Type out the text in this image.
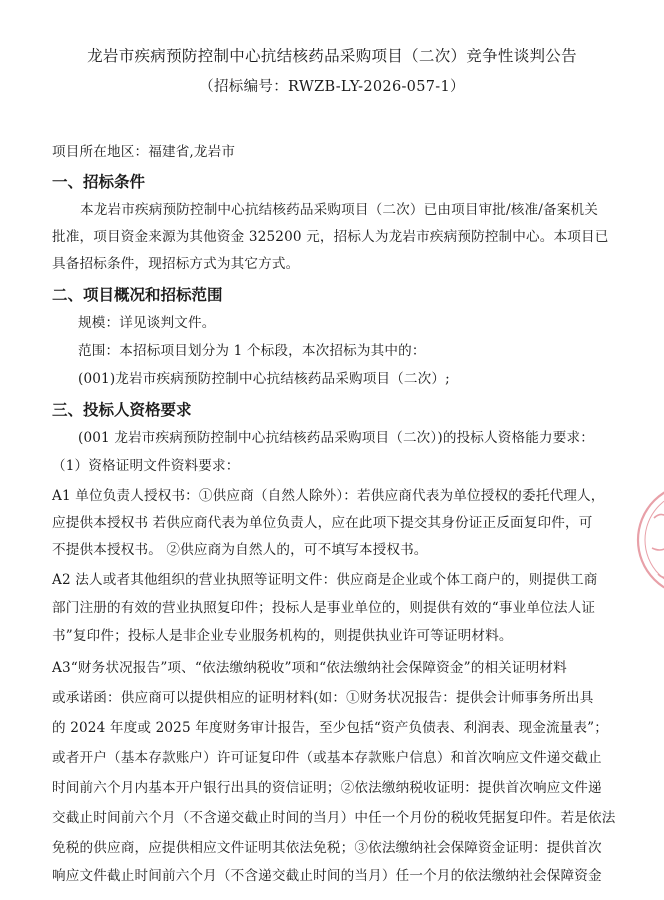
龙岩市疾病预防控制中心抗结核药品采购项目（二次）竞争性谈判公告
（招标编号：RWZB-LY-2026-057-1）
项目所在地区：福建省,龙岩市
一、招标条件
本龙岩市疾病预防控制中心抗结核药品采购项目（二次）已由项目审批/核准/备案机关
批准，项目资金来源为其他资金 325200 元，招标人为龙岩市疾病预防控制中心。本项目已
具备招标条件，现招标方式为其它方式。
二、项目概况和招标范围
规模：详见谈判文件。
范围：本招标项目划分为 1 个标段，本次招标为其中的：
(001)龙岩市疾病预防控制中心抗结核药品采购项目（二次）;
三、投标人资格要求
(001 龙岩市疾病预防控制中心抗结核药品采购项目（二次）)的投标人资格能力要求：
（1）资格证明文件资料要求：
A1 单位负责人授权书：①供应商（自然人除外）：若供应商代表为单位授权的委托代理人，
应提供本授权书 若供应商代表为单位负责人，应在此项下提交其身份证正反面复印件，可
不提供本授权书。 ②供应商为自然人的，可不填写本授权书。
A2 法人或者其他组织的营业执照等证明文件：供应商是企业或个体工商户的，则提供工商
部门注册的有效的营业执照复印件；投标人是事业单位的，则提供有效的“事业单位法人证
书”复印件；投标人是非企业专业服务机构的，则提供执业许可等证明材料。
A3“财务状况报告”项、“依法缴纳税收”项和“依法缴纳社会保障资金”的相关证明材料
或承诺函：供应商可以提供相应的证明材料(如：①财务状况报告：提供会计师事务所出具
的 2024 年度或 2025 年度财务审计报告，至少包括“资产负债表、利润表、现金流量表”；
或者开户（基本存款账户）许可证复印件（或基本存款账户信息）和首次响应文件递交截止
时间前六个月内基本开户银行出具的资信证明；②依法缴纳税收证明：提供首次响应文件递
交截止时间前六个月（不含递交截止时间的当月）中任一个月份的税收凭据复印件。若是依法
免税的供应商，应提供相应文件证明其依法免税；③依法缴纳社会保障资金证明：提供首次
响应文件截止时间前六个月（不含递交截止时间的当月）任一个月的依法缴纳社会保障资金
